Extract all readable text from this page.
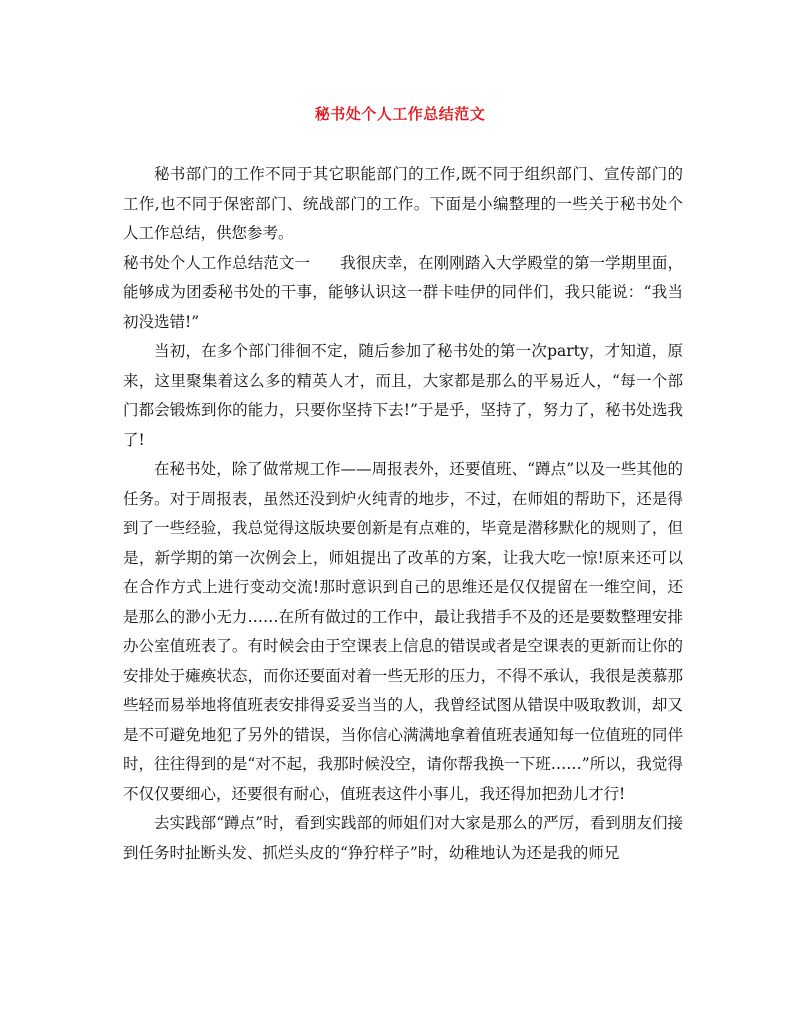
秘书处个人工作总结范文

秘书部门的工作不同于其它职能部门的工作,既不同于组织部门、宣传部门的工作,也不同于保密部门、统战部门的工作。下面是小编整理的一些关于秘书处个人工作总结，供您参考。

秘书处个人工作总结范文一 我很庆幸，在刚刚踏入大学殿堂的第一学期里面，能够成为团委秘书处的干事，能够认识这一群卡哇伊的同伴们，我只能说：“我当初没选错!”

当初，在多个部门徘徊不定，随后参加了秘书处的第一次party，才知道，原来，这里聚集着这么多的精英人才，而且，大家都是那么的平易近人，“每一个部门都会锻炼到你的能力，只要你坚持下去!”于是乎，坚持了，努力了，秘书处选我了!

在秘书处，除了做常规工作——周报表外，还要值班、“蹲点”以及一些其他的任务。对于周报表，虽然还没到炉火纯青的地步，不过，在师姐的帮助下，还是得到了一些经验，我总觉得这版块要创新是有点难的，毕竟是潜移默化的规则了，但是，新学期的第一次例会上，师姐提出了改革的方案，让我大吃一惊!原来还可以在合作方式上进行变动交流!那时意识到自己的思维还是仅仅提留在一维空间，还是那么的渺小无力……在所有做过的工作中，最让我措手不及的还是要数整理安排办公室值班表了。有时候会由于空课表上信息的错误或者是空课表的更新而让你的安排处于瘫痪状态，而你还要面对着一些无形的压力，不得不承认，我很是羡慕那些轻而易举地将值班表安排得妥妥当当的人，我曾经试图从错误中吸取教训，却又是不可避免地犯了另外的错误，当你信心满满地拿着值班表通知每一位值班的同伴时，往往得到的是“对不起，我那时候没空，请你帮我换一下班……”所以，我觉得不仅仅要细心，还要很有耐心，值班表这件小事儿，我还得加把劲儿才行!

去实践部“蹲点”时，看到实践部的师姐们对大家是那么的严厉，看到朋友们接到任务时扯断头发、抓烂头皮的“狰狞样子”时，幼稚地认为还是我的师兄
